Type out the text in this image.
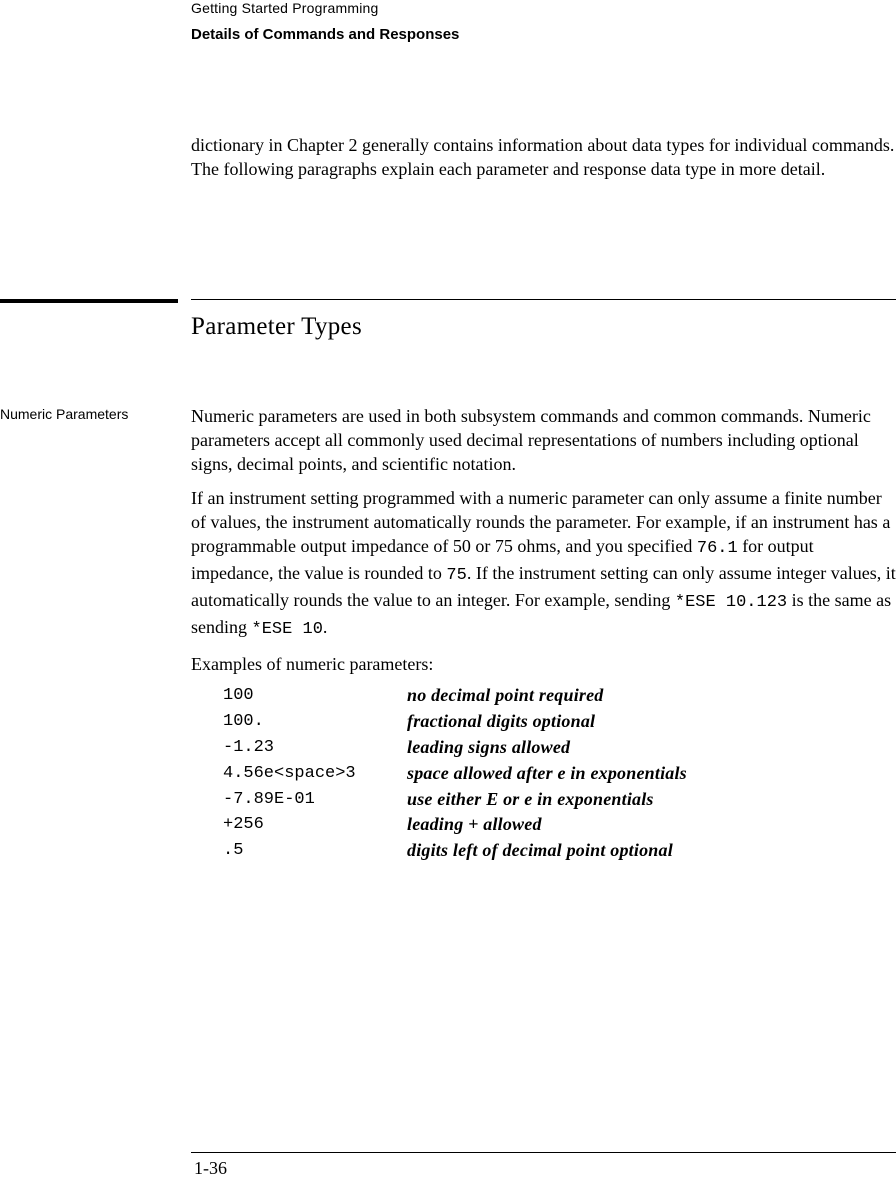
Getting Started Programming
Details of Commands and Responses

dictionary in Chapter 2 generally contains information about data types for individual commands. The following paragraphs explain each parameter and response data type in more detail.

Parameter Types
Numeric Parameters	Numeric parameters are used in both subsystem commands and common commands. Numeric parameters accept all commonly used decimal representations of numbers including optional signs, decimal points, and scientific notation.

If an instrument setting programmed with a numeric parameter can only assume a finite number of values, the instrument automatically rounds the parameter. For example, if an instrument has a programmable output impedance of 50 or 75 ohms, and you specified 76.1 for output impedance, the value is rounded to 75. If the instrument setting can only assume integer values, it automatically rounds the value to an integer. For example, sending *ESE 10.123 is the same as sending *ESE 10.

Examples of numeric parameters:
100	no decimal point required
100.	fractional digits optional
-1.23	leading signs allowed
4.56e<space>3	space allowed after e in exponentials
-7.89E-01	use either E or e in exponentials
+256	leading + allowed
.5	digits left of decimal point optional
1-36
